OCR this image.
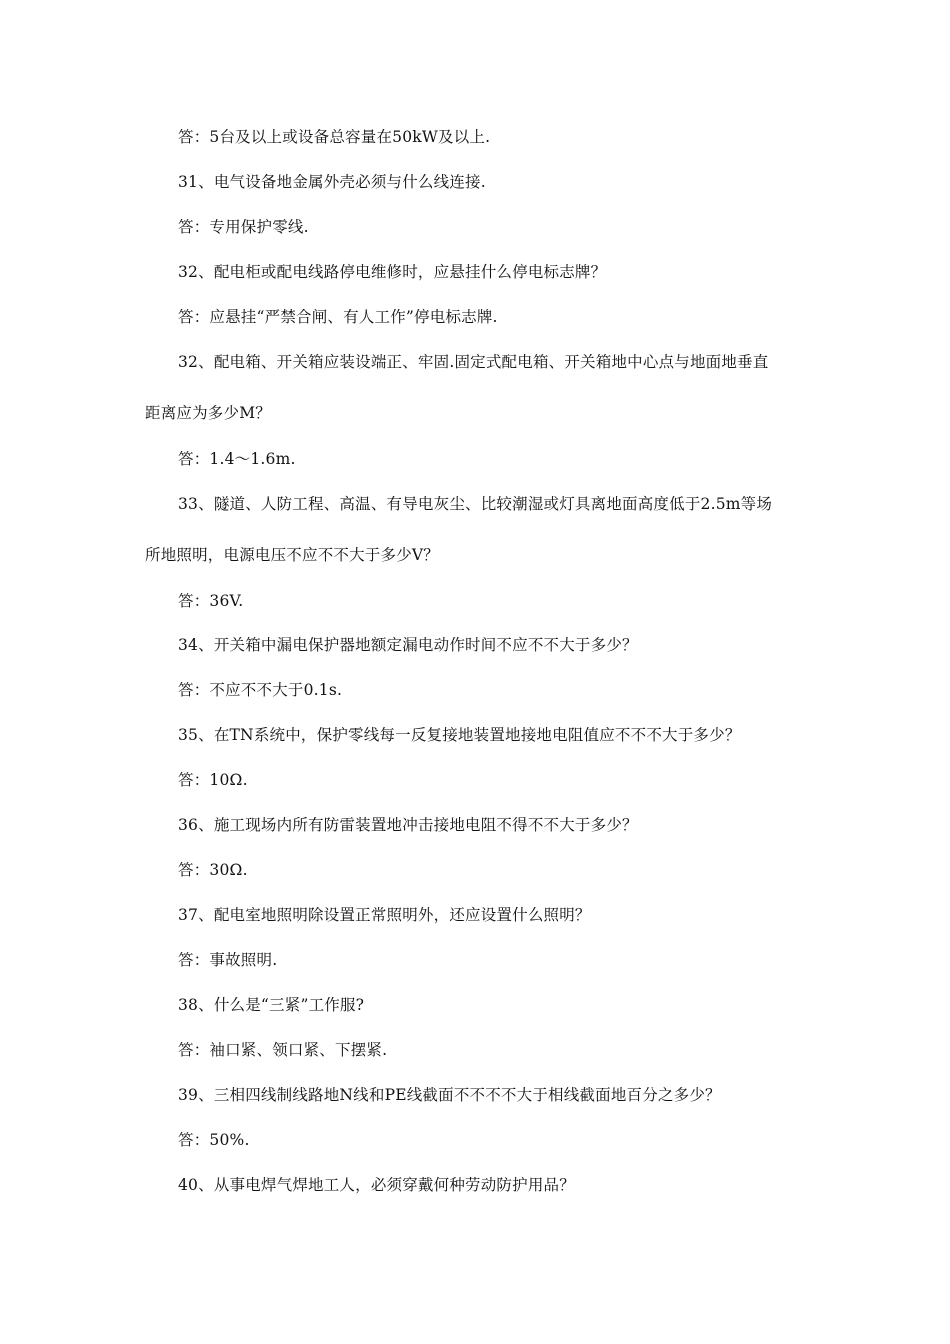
答：5台及以上或设备总容量在50kW及以上.
31、电气设备地金属外壳必须与什么线连接.
答：专用保护零线.
32、配电柜或配电线路停电维修时，应悬挂什么停电标志牌？
答：应悬挂“严禁合闸、有人工作”停电标志牌.
32、配电箱、开关箱应装设端正、牢固.固定式配电箱、开关箱地中心点与地面地垂直
距离应为多少M？
答：1.4～1.6m.
33、隧道、人防工程、高温、有导电灰尘、比较潮湿或灯具离地面高度低于2.5m等场
所地照明，电源电压不应不不大于多少V？
答：36V.
34、开关箱中漏电保护器地额定漏电动作时间不应不不大于多少？
答：不应不不大于0.1s.
35、在TN系统中，保护零线每一反复接地装置地接地电阻值应不不不大于多少？
答：10Ω.
36、施工现场内所有防雷装置地冲击接地电阻不得不不大于多少？
答：30Ω.
37、配电室地照明除设置正常照明外，还应设置什么照明？
答：事故照明.
38、什么是“三紧”工作服?
答：袖口紧、领口紧、下摆紧.
39、三相四线制线路地N线和PE线截面不不不不大于相线截面地百分之多少？
答：50%.
40、从事电焊气焊地工人，必须穿戴何种劳动防护用品？
